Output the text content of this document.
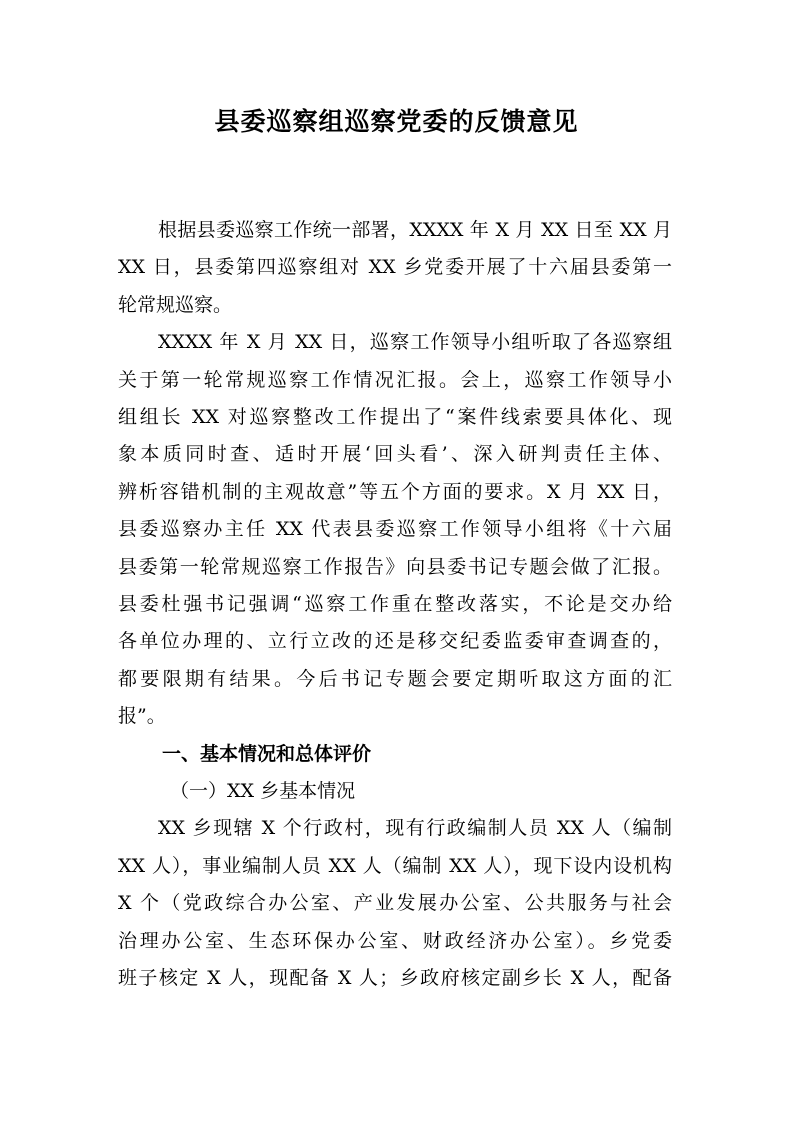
县委巡察组巡察党委的反馈意见
根据县委巡察工作统一部署，XXXX 年 X 月 XX 日至 XX 月
XX 日，县委第四巡察组对 XX 乡党委开展了十六届县委第一
轮常规巡察。
XXXX 年 X 月 XX 日，巡察工作领导小组听取了各巡察组
关于第一轮常规巡察工作情况汇报。会上，巡察工作领导小
组组长 XX 对巡察整改工作提出了“案件线索要具体化、现
象本质同时查、适时开展‘回头看’、深入研判责任主体、
辨析容错机制的主观故意”等五个方面的要求。X 月 XX 日，
县委巡察办主任 XX 代表县委巡察工作领导小组将《十六届
县委第一轮常规巡察工作报告》向县委书记专题会做了汇报。
县委杜强书记强调“巡察工作重在整改落实，不论是交办给
各单位办理的、立行立改的还是移交纪委监委审查调查的，
都要限期有结果。今后书记专题会要定期听取这方面的汇
报”。
一、基本情况和总体评价
（一）XX 乡基本情况
XX 乡现辖 X 个行政村，现有行政编制人员 XX 人（编制
XX 人），事业编制人员 XX 人（编制 XX 人），现下设内设机构
X 个（党政综合办公室、产业发展办公室、公共服务与社会
治理办公室、生态环保办公室、财政经济办公室）。乡党委
班子核定 X 人，现配备 X 人；乡政府核定副乡长 X 人，配备
